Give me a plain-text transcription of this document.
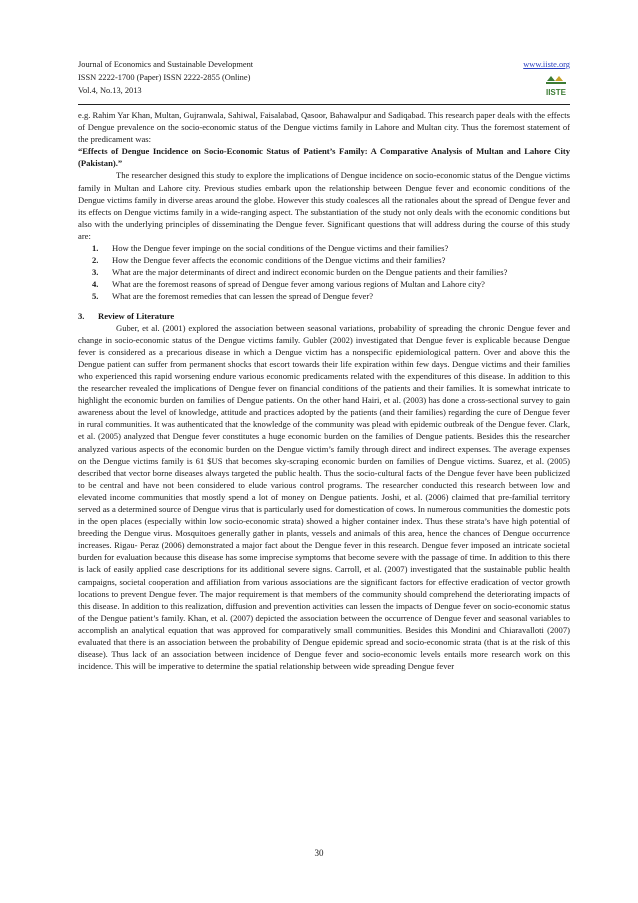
Journal of Economics and Sustainable Development
ISSN 2222-1700 (Paper) ISSN 2222-2855 (Online)
Vol.4, No.13, 2013
www.iiste.org
IISTE

e.g. Rahim Yar Khan, Multan, Gujranwala, Sahiwal, Faisalabad, Qasoor, Bahawalpur and Sadiqabad. This research paper deals with the effects of Dengue prevalence on the socio-economic status of the Dengue victims family in Lahore and Multan city. Thus the foremost statement of the predicament was:

“Effects of Dengue Incidence on Socio-Economic Status of Patient’s Family: A Comparative Analysis of Multan and Lahore City (Pakistan).”

The researcher designed this study to explore the implications of Dengue incidence on socio-economic status of the Dengue victims family in Multan and Lahore city. Previous studies embark upon the relationship between Dengue fever and economic conditions of the Dengue victims family in diverse areas around the globe. However this study coalesces all the rationales about the spread of Dengue fever and its effects on Dengue victims family in a wide-ranging aspect. The substantiation of the study not only deals with the economic conditions but also with the underlying principles of disseminating the Dengue fever. Significant questions that will address during the course of this study are:

1. How the Dengue fever impinge on the social conditions of the Dengue victims and their families?
2. How the Dengue fever affects the economic conditions of the Dengue victims and their families?
3. What are the major determinants of direct and indirect economic burden on the Dengue patients and their families?
4. What are the foremost reasons of spread of Dengue fever among various regions of Multan and Lahore city?
5. What are the foremost remedies that can lessen the spread of Dengue fever?

3. Review of Literature

Guber, et al. (2001) explored the association between seasonal variations, probability of spreading the chronic Dengue fever and change in socio-economic status of the Dengue victims family. Gubler (2002) investigated that Dengue fever is explicable because Dengue fever is considered as a precarious disease in which a Dengue victim has a nonspecific epidemiological pattern. Over and above this the Dengue patient can suffer from permanent shocks that escort towards their life expiration within few days. Dengue victims and their families who experienced this rapid worsening endure various economic predicaments related with the expenditures of this disease. In addition to this the researcher revealed the implications of Dengue fever on financial conditions of the patients and their families. It is somewhat intricate to highlight the economic burden on families of Dengue patients. On the other hand Hairi, et al. (2003) has done a cross-sectional survey to gain awareness about the level of knowledge, attitude and practices adopted by the patients (and their families) regarding the cure of Dengue fever in rural communities. It was authenticated that the knowledge of the community was plead with epidemic outbreak of the Dengue fever. Clark, et al. (2005) analyzed that Dengue fever constitutes a huge economic burden on the families of Dengue patients. Besides this the researcher analyzed various aspects of the economic burden on the Dengue victim’s family through direct and indirect expenses. The average expenses on the Dengue victims family is 61 $US that becomes sky-scraping economic burden on families of Dengue victims. Suarez, et al. (2005) described that vector borne diseases always targeted the public health. Thus the socio-cultural facts of the Dengue fever have been publicized to be central and have not been considered to elude various control programs. The researcher conducted this research between low and elevated income communities that mostly spend a lot of money on Dengue patients. Joshi, et al. (2006) claimed that pre-familial territory served as a determined source of Dengue virus that is particularly used for domestication of cows. In numerous communities the domestic pots in the open places (especially within low socio-economic strata) showed a higher container index. Thus these strata’s have high potential of breeding the Dengue virus. Mosquitoes generally gather in plants, vessels and animals of this area, hence the chances of Dengue occurrence increases. Rigau- Peraz (2006) demonstrated a major fact about the Dengue fever in this research. Dengue fever imposed an intricate societal burden for evaluation because this disease has some imprecise symptoms that become severe with the passage of time. In addition to this there is lack of easily applied case descriptions for its additional severe signs. Carroll, et al. (2007) investigated that the sustainable public health campaigns, societal cooperation and affiliation from various associations are the significant factors for effective eradication of vector growth locations to prevent Dengue fever. The major requirement is that members of the community should comprehend the deteriorating impacts of this disease. In addition to this realization, diffusion and prevention activities can lessen the impacts of Dengue fever on socio-economic status of the Dengue patient’s family. Khan, et al. (2007) depicted the association between the occurrence of Dengue fever and seasonal variables to accomplish an analytical equation that was approved for comparatively small communities. Besides this Mondini and Chiaravalloti (2007) evaluated that there is an association between the probability of Dengue epidemic spread and socio-economic strata (that is at the risk of this disease). Thus lack of an association between incidence of Dengue fever and socio-economic levels entails more research work on this incidence. This will be imperative to determine the spatial relationship between wide spreading Dengue fever

30
